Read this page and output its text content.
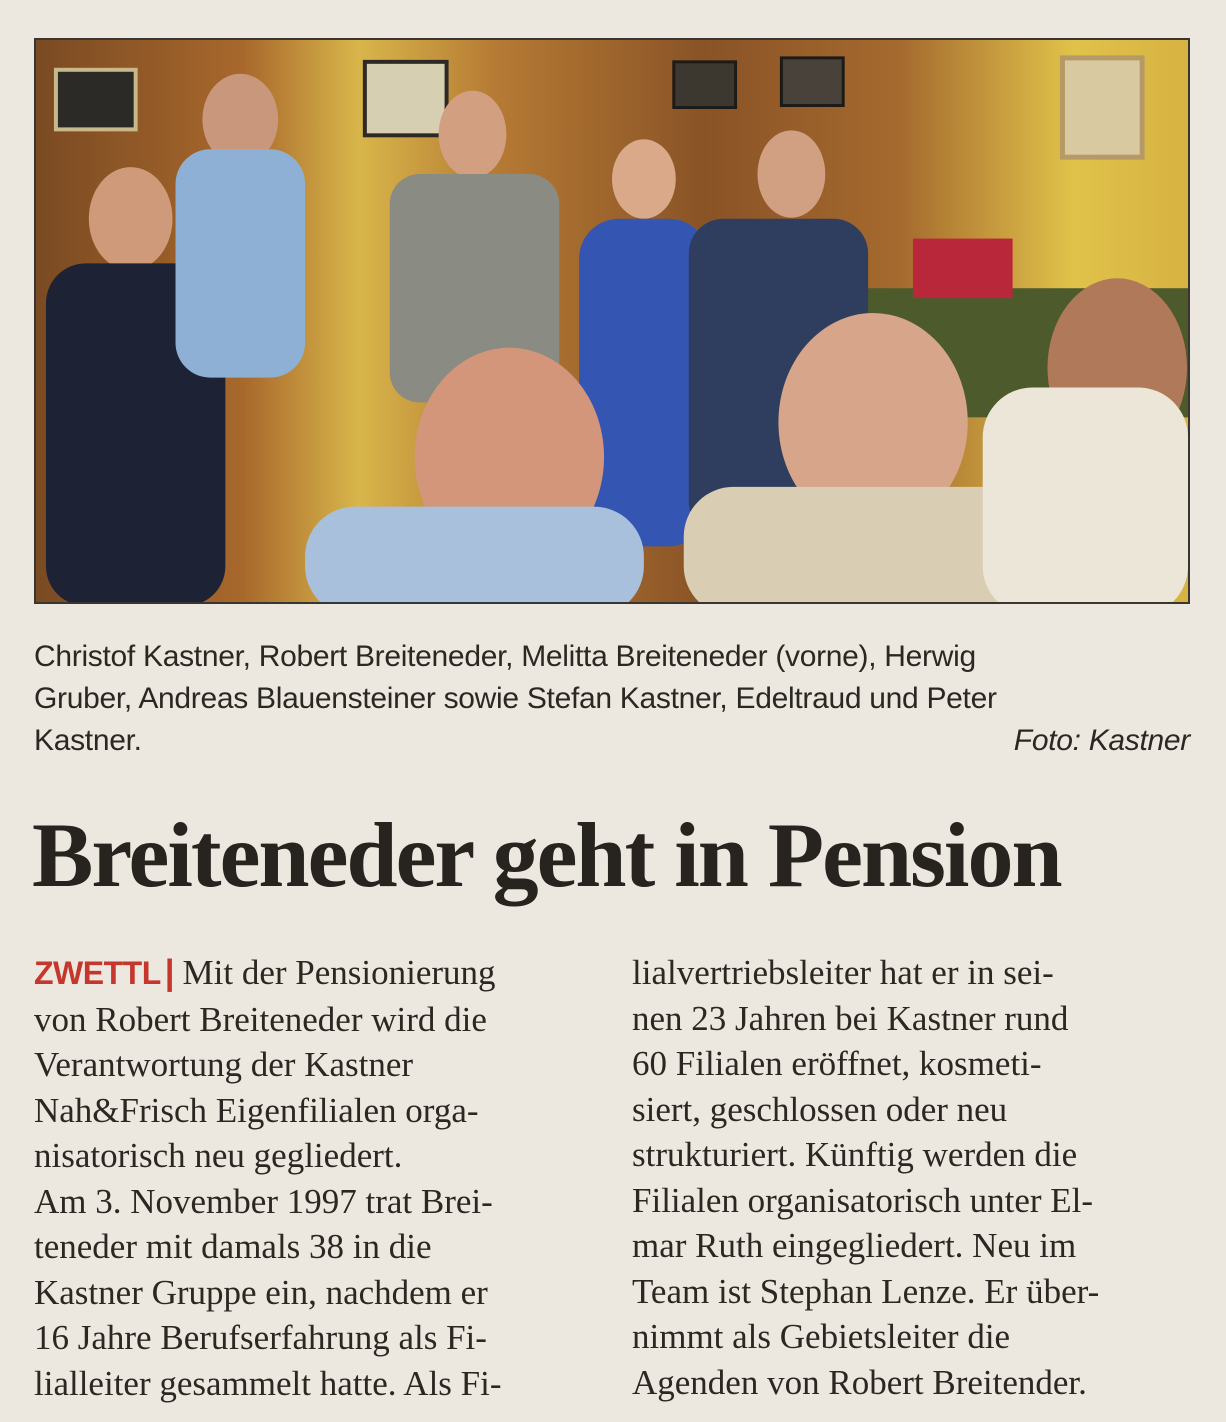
Christof Kastner, Robert Breiteneder, Melitta Breiteneder (vorne), Herwig
Gruber, Andreas Blauensteiner sowie Stefan Kastner, Edeltraud und Peter
Kastner.	Foto: Kastner
Breiteneder geht in Pension
ZWETTL | Mit der Pensionierung
von Robert Breiteneder wird die
Verantwortung der Kastner
Nah&Frisch Eigenfilialen orga-
nisatorisch neu gegliedert.
Am 3. November 1997 trat Brei-
teneder mit damals 38 in die
Kastner Gruppe ein, nachdem er
16 Jahre Berufserfahrung als Fi-
lialleiter gesammelt hatte. Als Fi-
lialvertriebsleiter hat er in sei-
nen 23 Jahren bei Kastner rund
60 Filialen eröffnet, kosmeti-
siert, geschlossen oder neu
strukturiert. Künftig werden die
Filialen organisatorisch unter El-
mar Ruth eingegliedert. Neu im
Team ist Stephan Lenze. Er über-
nimmt als Gebietsleiter die
Agenden von Robert Breitender.
